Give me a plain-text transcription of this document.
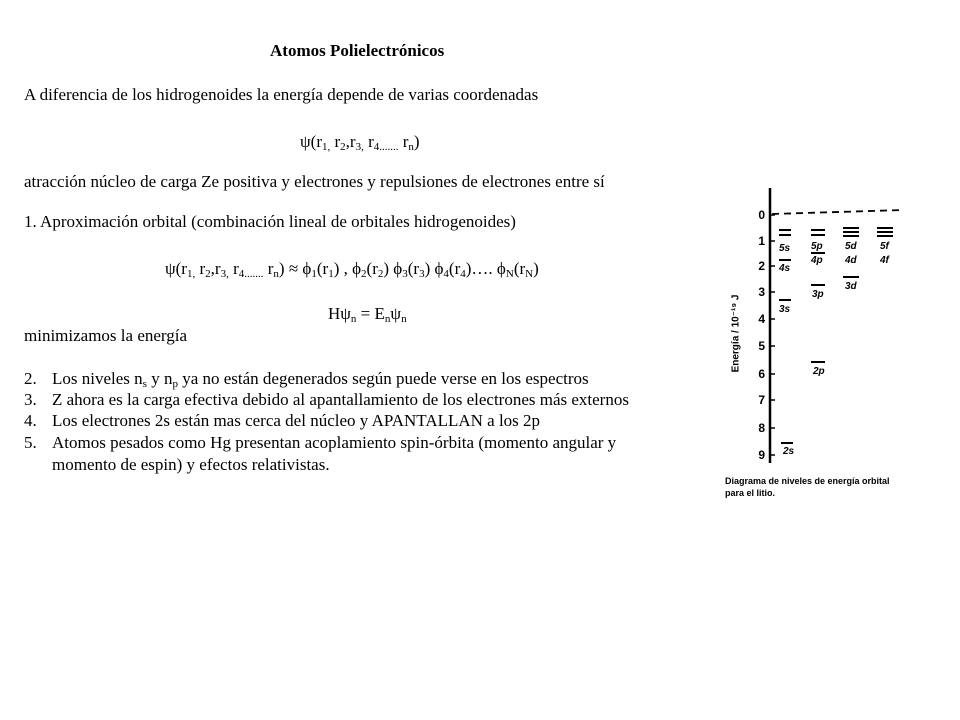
Atomos Polielectrónicos
A diferencia de los hidrogenoides la energía depende de varias coordenadas
$\psi(r_{1,}$ $r_2,r_{3,}$ $r_{4.......}$ $r_n$)
atracción núcleo de carga Ze positiva y electrones y repulsiones de electrones entre sí
1. Aproximación orbital (combinación lineal de orbitales hidrogenoides)
$\psi(r_{1,}$ $r_2,r_{3,}$ $r_{4.......}$ $r_n) \approx \phi_1(r_1)$ , $\phi_2(r_2)$ $\phi_3(r_3)$ $\phi_4(r_4)\dots$. $\phi_N(r_N)$
$H\psi_n = E_n\psi_n$
minimizamos la energía
2. Los niveles $n_s$ y $n_p$ ya no están degenerados según puede verse en los espectros
3. Z ahora es la carga efectiva debido al apantallamiento de los electrones más externos
4. Los electrones 2s están mas cerca del núcleo y APANTALLAN a los 2p
5. Atomos pesados como Hg presentan acoplamiento spin-órbita (momento angular y
momento de espin) y efectos relativistas.
Energía / 10⁻¹⁹ J
0
1
2
3
4
5
6
7
8
9
5s
4s
3s
2s
5p
4p
3p
2p
5d
4d
3d
5f
4f
Diagrama de niveles de energía orbital
para el litio.
